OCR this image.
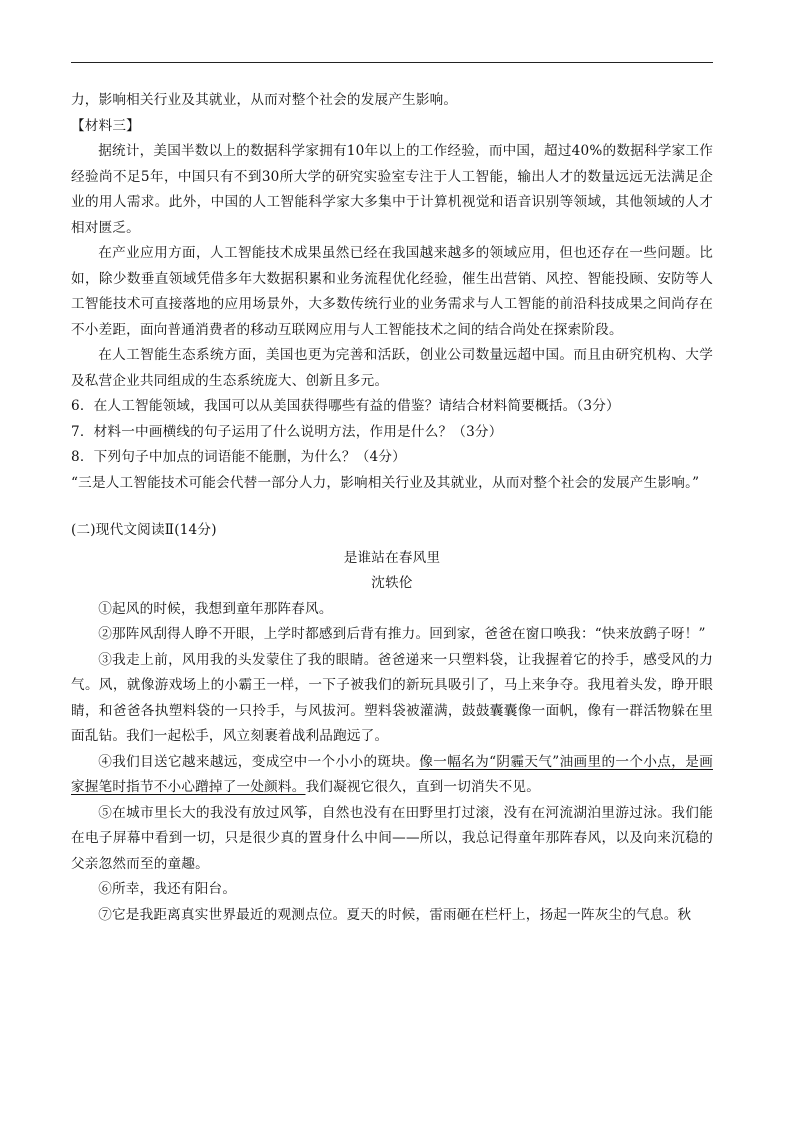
力，影响相关行业及其就业，从而对整个社会的发展产生影响。

【材料三】

据统计，美国半数以上的数据科学家拥有10年以上的工作经验，而中国，超过40%的数据科学家工作经验尚不足5年，中国只有不到30所大学的研究实验室专注于人工智能，输出人才的数量远远无法满足企业的用人需求。此外，中国的人工智能科学家大多集中于计算机视觉和语音识别等领域，其他领域的人才相对匮乏。

在产业应用方面，人工智能技术成果虽然已经在我国越来越多的领域应用，但也还存在一些问题。比如，除少数垂直领域凭借多年大数据积累和业务流程优化经验，催生出营销、风控、智能投顾、安防等人工智能技术可直接落地的应用场景外，大多数传统行业的业务需求与人工智能的前沿科技成果之间尚存在不小差距，面向普通消费者的移动互联网应用与人工智能技术之间的结合尚处在探索阶段。

在人工智能生态系统方面，美国也更为完善和活跃，创业公司数量远超中国。而且由研究机构、大学及私营企业共同组成的生态系统庞大、创新且多元。

6．在人工智能领域，我国可以从美国获得哪些有益的借鉴？请结合材料简要概括。（3分）

7．材料一中画横线的句子运用了什么说明方法，作用是什么？（3分）

8．下列句子中加点的词语能不能删，为什么？（4分）

“三是人工智能技术可能会代替一部分人力，影响相关行业及其就业，从而对整个社会的发展产生影响。”

(二)现代文阅读Ⅱ(14分)

是谁站在春风里

沈轶伦

①起风的时候，我想到童年那阵春风。

②那阵风刮得人睁不开眼，上学时都感到后背有推力。回到家，爸爸在窗口唤我：“快来放鹞子呀！”

③我走上前，风用我的头发蒙住了我的眼睛。爸爸递来一只塑料袋，让我握着它的拎手，感受风的力气。风，就像游戏场上的小霸王一样，一下子被我们的新玩具吸引了，马上来争夺。我甩着头发，睁开眼睛，和爸爸各执塑料袋的一只拎手，与风拔河。塑料袋被灌满，鼓鼓囊囊像一面帆，像有一群活物躲在里面乱钻。我们一起松手，风立刻裹着战利品跑远了。

④我们目送它越来越远，变成空中一个小小的斑块。像一幅名为“阴霾天气”油画里的一个小点，是画家握笔时指节不小心蹭掉了一处颜料。我们凝视它很久，直到一切消失不见。

⑤在城市里长大的我没有放过风筝，自然也没有在田野里打过滚，没有在河流湖泊里游过泳。我们能在电子屏幕中看到一切，只是很少真的置身什么中间——所以，我总记得童年那阵春风，以及向来沉稳的父亲忽然而至的童趣。

⑥所幸，我还有阳台。

⑦它是我距离真实世界最近的观测点位。夏天的时候，雷雨砸在栏杆上，扬起一阵灰尘的气息。秋
